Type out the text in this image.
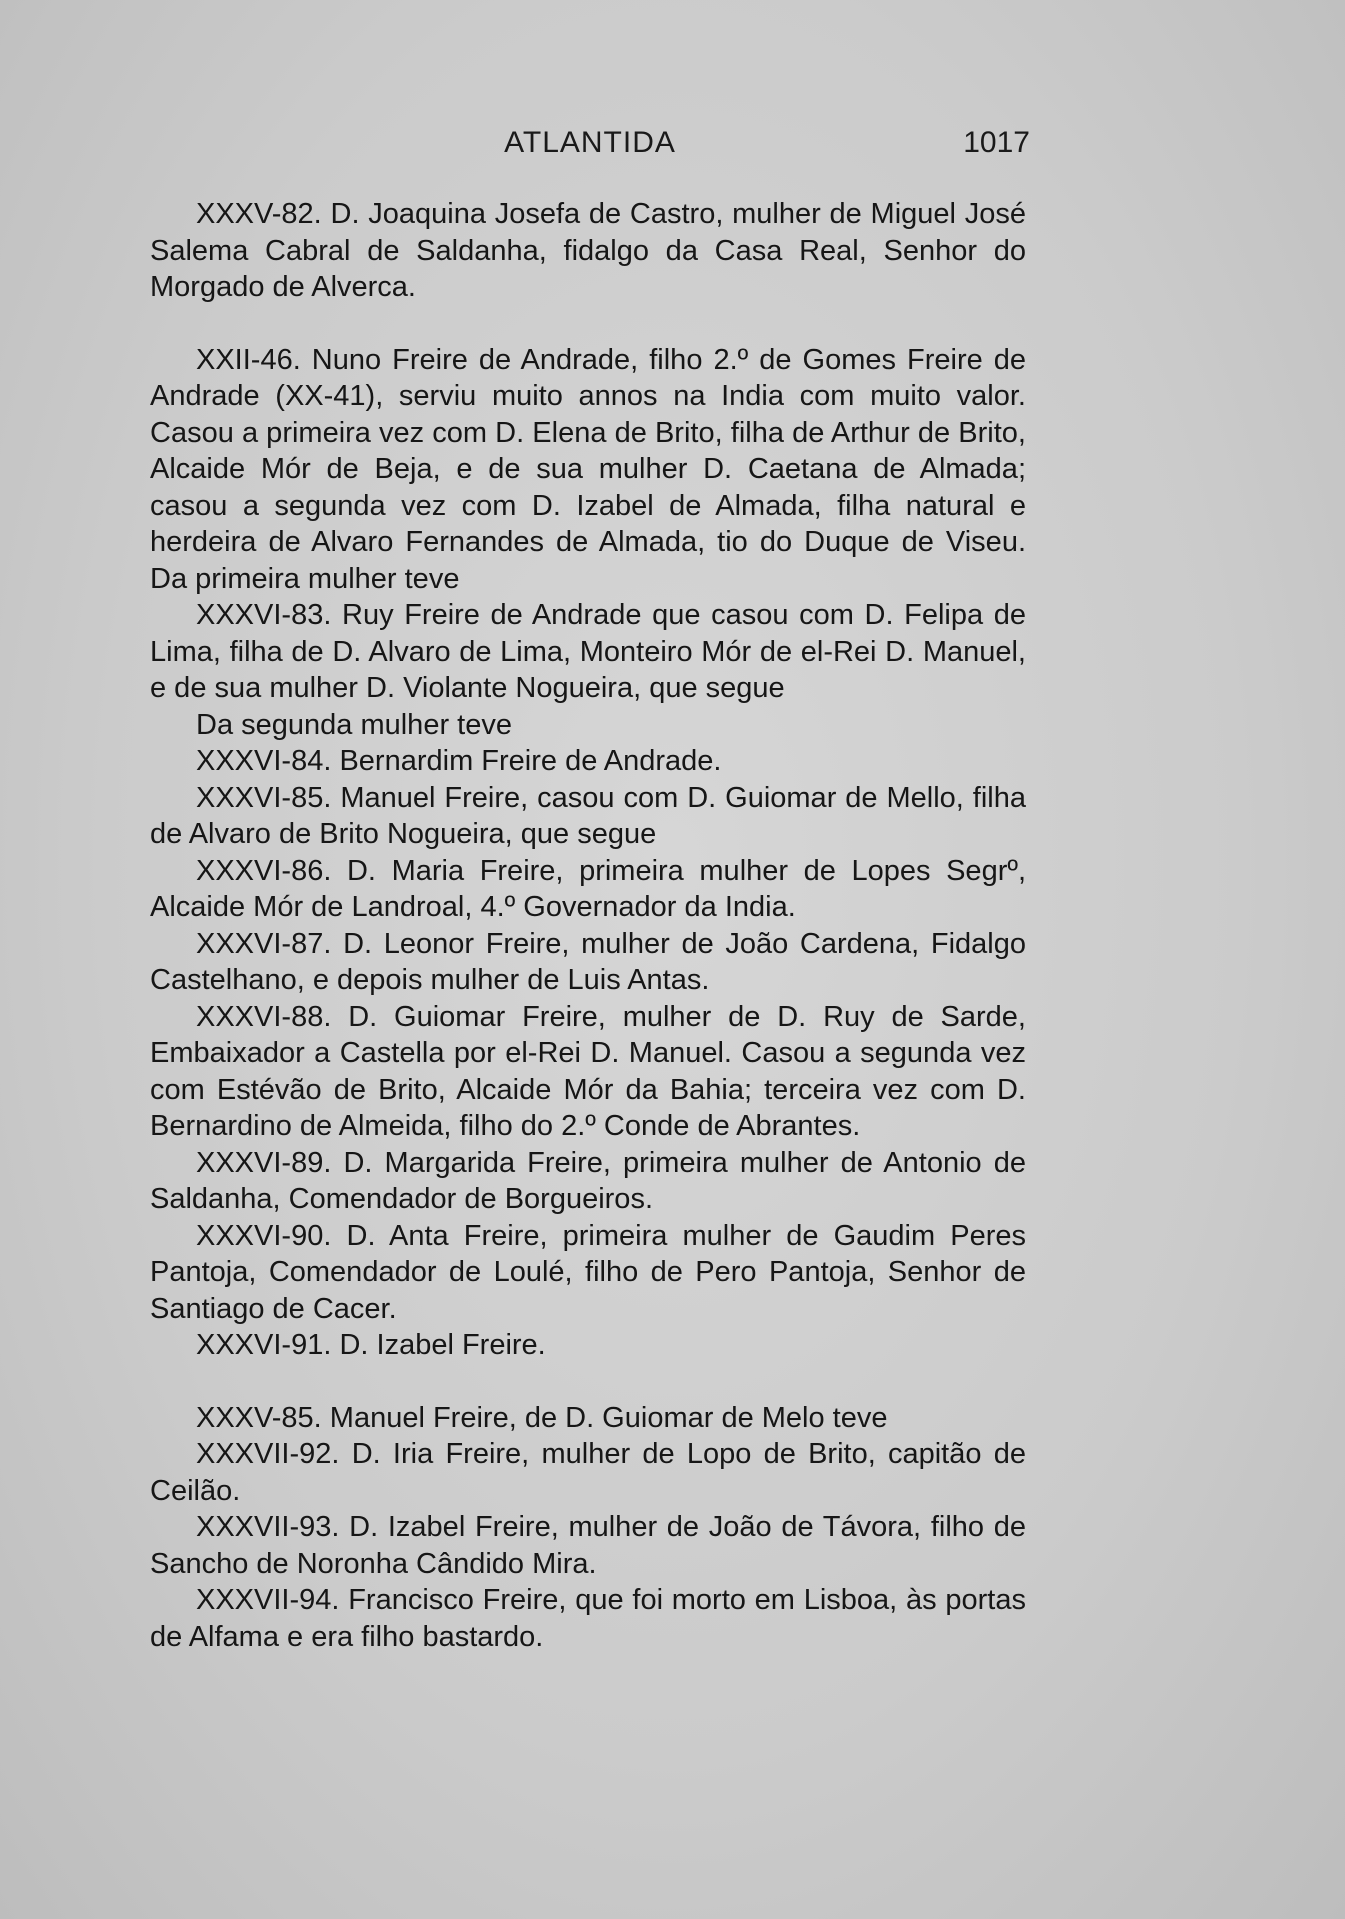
ATLANTIDA	1017

XXXV-82. D. Joaquina Josefa de Castro, mulher de Miguel José Salema Cabral de Saldanha, fidalgo da Casa Real, Senhor do Morgado de Alverca.

XXII-46. Nuno Freire de Andrade, filho 2.º de Gomes Freire de Andrade (XX-41), serviu muito annos na India com muito valor. Casou a primeira vez com D. Elena de Brito, filha de Arthur de Brito, Alcaide Mór de Beja, e de sua mulher D. Caetana de Almada; casou a segunda vez com D. Izabel de Almada, filha natural e herdeira de Alvaro Fernandes de Almada, tio do Duque de Viseu. Da primeira mulher teve

XXXVI-83. Ruy Freire de Andrade que casou com D. Felipa de Lima, filha de D. Alvaro de Lima, Monteiro Mór de el-Rei D. Manuel, e de sua mulher D. Violante Nogueira, que segue

Da segunda mulher teve

XXXVI-84. Bernardim Freire de Andrade.

XXXVI-85. Manuel Freire, casou com D. Guiomar de Mello, filha de Alvaro de Brito Nogueira, que segue

XXXVI-86. D. Maria Freire, primeira mulher de Lopes Segrº, Alcaide Mór de Landroal, 4.º Governador da India.

XXXVI-87. D. Leonor Freire, mulher de João Cardena, Fidalgo Castelhano, e depois mulher de Luis Antas.

XXXVI-88. D. Guiomar Freire, mulher de D. Ruy de Sarde, Embaixador a Castella por el-Rei D. Manuel. Casou a segunda vez com Estévão de Brito, Alcaide Mór da Bahia; terceira vez com D. Bernardino de Almeida, filho do 2.º Conde de Abrantes.

XXXVI-89. D. Margarida Freire, primeira mulher de Antonio de Saldanha, Comendador de Borgueiros.

XXXVI-90. D. Anta Freire, primeira mulher de Gaudim Peres Pantoja, Comendador de Loulé, filho de Pero Pantoja, Senhor de Santiago de Cacer.

XXXVI-91. D. Izabel Freire.

XXXV-85. Manuel Freire, de D. Guiomar de Melo teve

XXXVII-92. D. Iria Freire, mulher de Lopo de Brito, capitão de Ceilão.

XXXVII-93. D. Izabel Freire, mulher de João de Távora, filho de Sancho de Noronha Cândido Mira.

XXXVII-94. Francisco Freire, que foi morto em Lisboa, às portas de Alfama e era filho bastardo.
